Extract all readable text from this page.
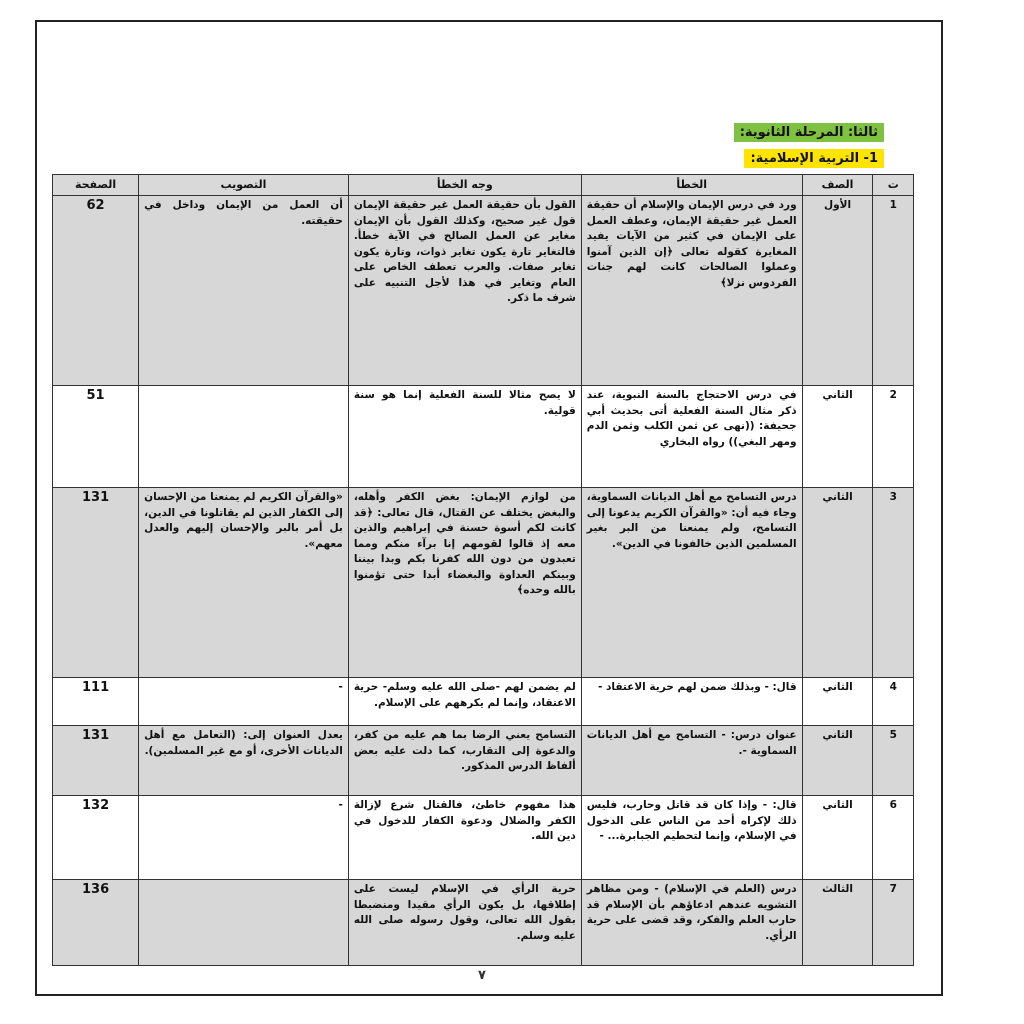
ثالثا: المرحلة الثانوية:
1- التربية الإسلامية:
ت	الصف	الخطأ	وجه الخطأ	التصويب	الصفحة
1	الأول	ورد في درس الإيمان والإسلام أن حقيقة العمل غير حقيقة الإيمان، وعطف العمل على الإيمان في كثير من الآيات يفيد المغايرة كقوله تعالى ﴿إن الذين آمنوا وعملوا الصالحات كانت لهم جنات الفردوس نزلا﴾	القول بأن حقيقة العمل غير حقيقة الإيمان قول غير صحيح، وكذلك القول بأن الإيمان مغاير عن العمل الصالح في الآية خطأ. فالتغاير تارة يكون تغاير ذوات، وتارة يكون تغاير صفات. والعرب تعطف الخاص على العام وتغاير في هذا لأجل التنبيه على شرف ما ذكر.	أن العمل من الإيمان وداخل في حقيقته.	62
2	الثاني	في درس الاحتجاج بالسنة النبوية، عند ذكر مثال السنة الفعلية أتى بحديث أبي جحيفة: ((نهى عن ثمن الكلب وثمن الدم ومهر البغي)) رواه البخاري	لا يصح مثالا للسنة الفعلية إنما هو سنة قولية.		51
3	الثاني	درس التسامح مع أهل الديانات السماوية، وجاء فيه أن: «والقرآن الكريم يدعونا إلى التسامح، ولم يمنعنا من البر بغير المسلمين الذين خالفونا في الدين».	من لوازم الإيمان: بغض الكفر وأهله، والبغض يختلف عن القتال، قال تعالى: ﴿قد كانت لكم أسوة حسنة في إبراهيم والذين معه إذ قالوا لقومهم إنا برآء منكم ومما تعبدون من دون الله كفرنا بكم وبدا بيننا وبينكم العداوة والبغضاء أبدا حتى تؤمنوا بالله وحده﴾	«والقرآن الكريم لم يمنعنا من الإحسان إلى الكفار الذين لم يقاتلونا في الدين، بل أمر بالبر والإحسان إليهم والعدل معهم».	131
4	الثاني	قال: - وبذلك ضمن لهم حرية الاعتقاد -	لم يضمن لهم -صلى الله عليه وسلم- حرية الاعتقاد، وإنما لم يكرههم على الإسلام.	-	111
5	الثاني	عنوان درس: - التسامح مع أهل الديانات السماوية -.	التسامح يعني الرضا بما هم عليه من كفر، والدعوة إلى التقارب، كما دلت عليه بعض ألفاظ الدرس المذكور.	يعدل العنوان إلى: (التعامل مع أهل الديانات الأخرى، أو مع غير المسلمين).	131
6	الثاني	قال: - وإذا كان قد قاتل وحارب، فليس ذلك لإكراه أحد من الناس على الدخول في الإسلام، وإنما لتحطيم الجبابرة... -	هذا مفهوم خاطئ، فالقتال شرع لإزالة الكفر والضلال ودعوة الكفار للدخول في دين الله.	-	132
7	الثالث	درس (العلم في الإسلام) - ومن مظاهر التشويه عندهم ادعاؤهم بأن الإسلام قد حارب العلم والفكر، وقد قضى على حرية الرأي.	حرية الرأي في الإسلام ليست على إطلاقها، بل يكون الرأي مقيدا ومنضبطا بقول الله تعالى، وقول رسوله صلى الله عليه وسلم.		136
٧
